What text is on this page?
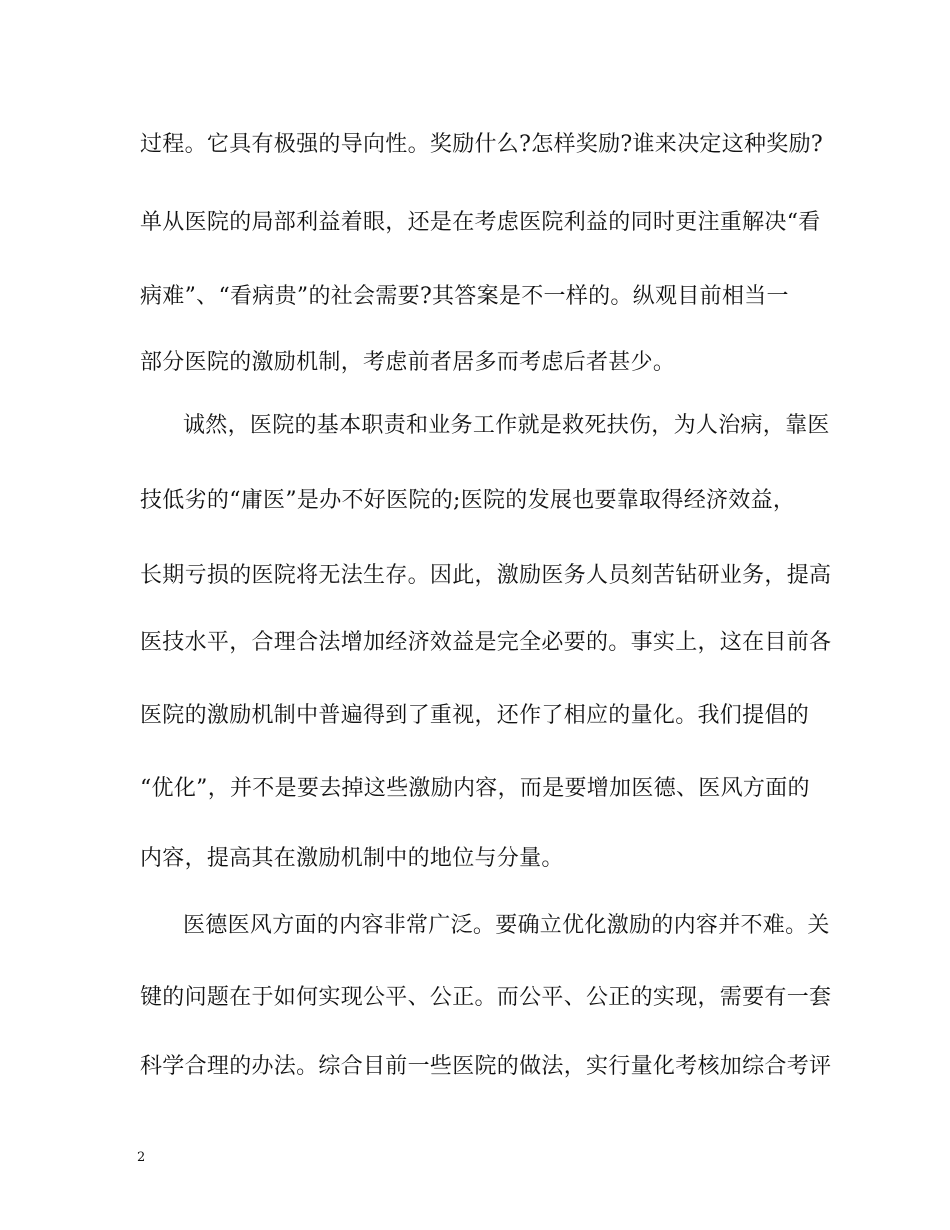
过程。它具有极强的导向性。奖励什么?怎样奖励?谁来决定这种奖励?
单从医院的局部利益着眼，还是在考虑医院利益的同时更注重解决“看
病难”、“看病贵”的社会需要?其答案是不一样的。纵观目前相当一
部分医院的激励机制，考虑前者居多而考虑后者甚少。
诚然，医院的基本职责和业务工作就是救死扶伤，为人治病，靠医
技低劣的“庸医”是办不好医院的;医院的发展也要靠取得经济效益，
长期亏损的医院将无法生存。因此，激励医务人员刻苦钻研业务，提高
医技水平，合理合法增加经济效益是完全必要的。事实上，这在目前各
医院的激励机制中普遍得到了重视，还作了相应的量化。我们提倡的
“优化”，并不是要去掉这些激励内容，而是要增加医德、医风方面的
内容，提高其在激励机制中的地位与分量。
医德医风方面的内容非常广泛。要确立优化激励的内容并不难。关
键的问题在于如何实现公平、公正。而公平、公正的实现，需要有一套
科学合理的办法。综合目前一些医院的做法，实行量化考核加综合考评
2
